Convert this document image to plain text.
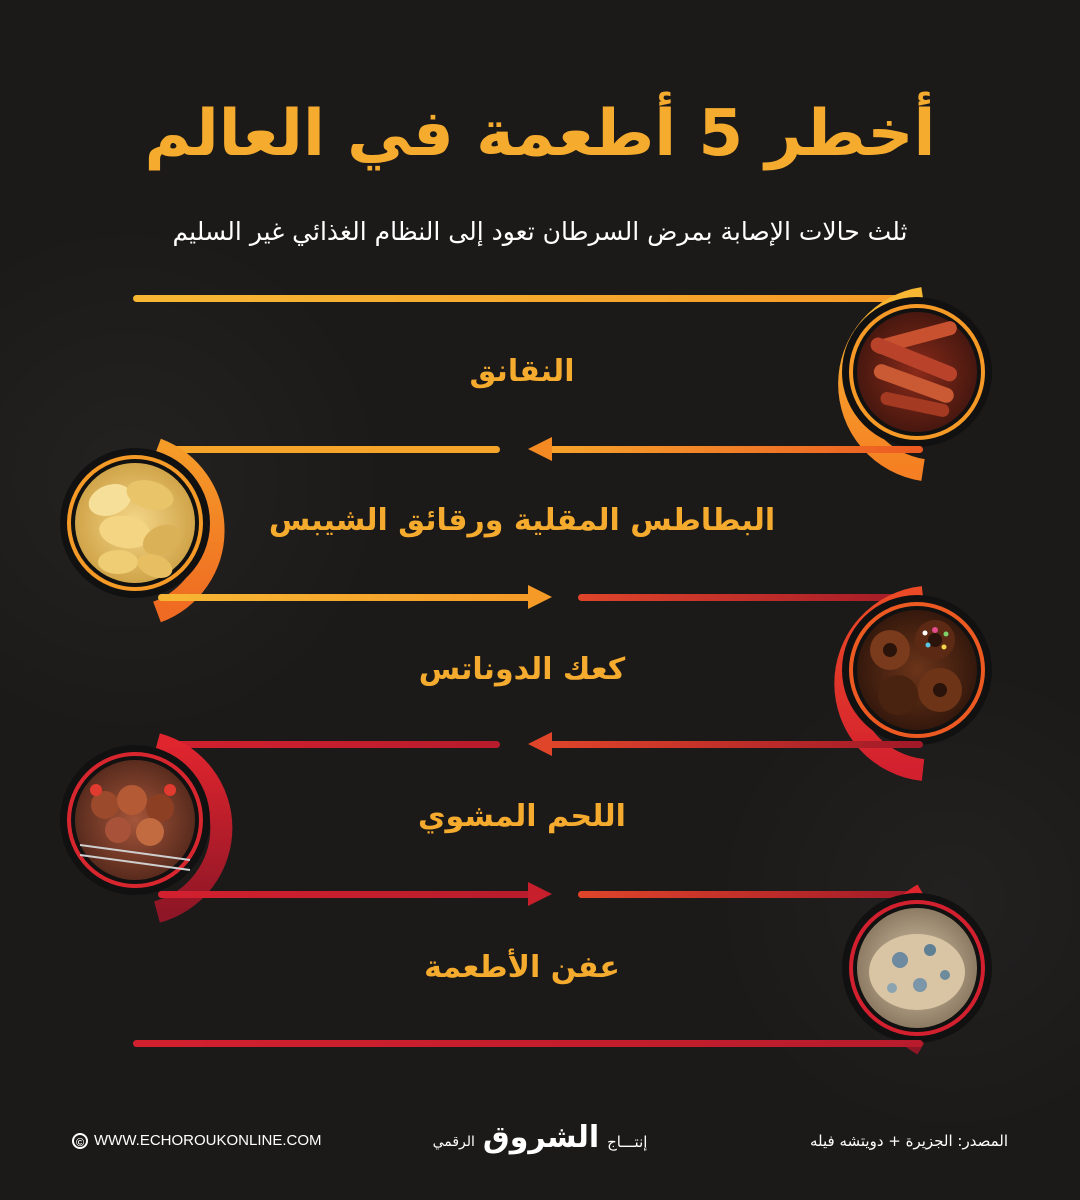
أخطر 5 أطعمة في العالم
ثلث حالات الإصابة بمرض السرطان تعود إلى النظام الغذائي غير السليم
النقانق
البطاطس المقلية ورقائق الشيبس
كعك الدوناتس
اللحم المشوي
عفن الأطعمة
© WWW.ECHOROUKONLINE.COM	إنتـــاج
الشروق
الرقمي	المصدر: الجزيرة + دويتشه فيله
